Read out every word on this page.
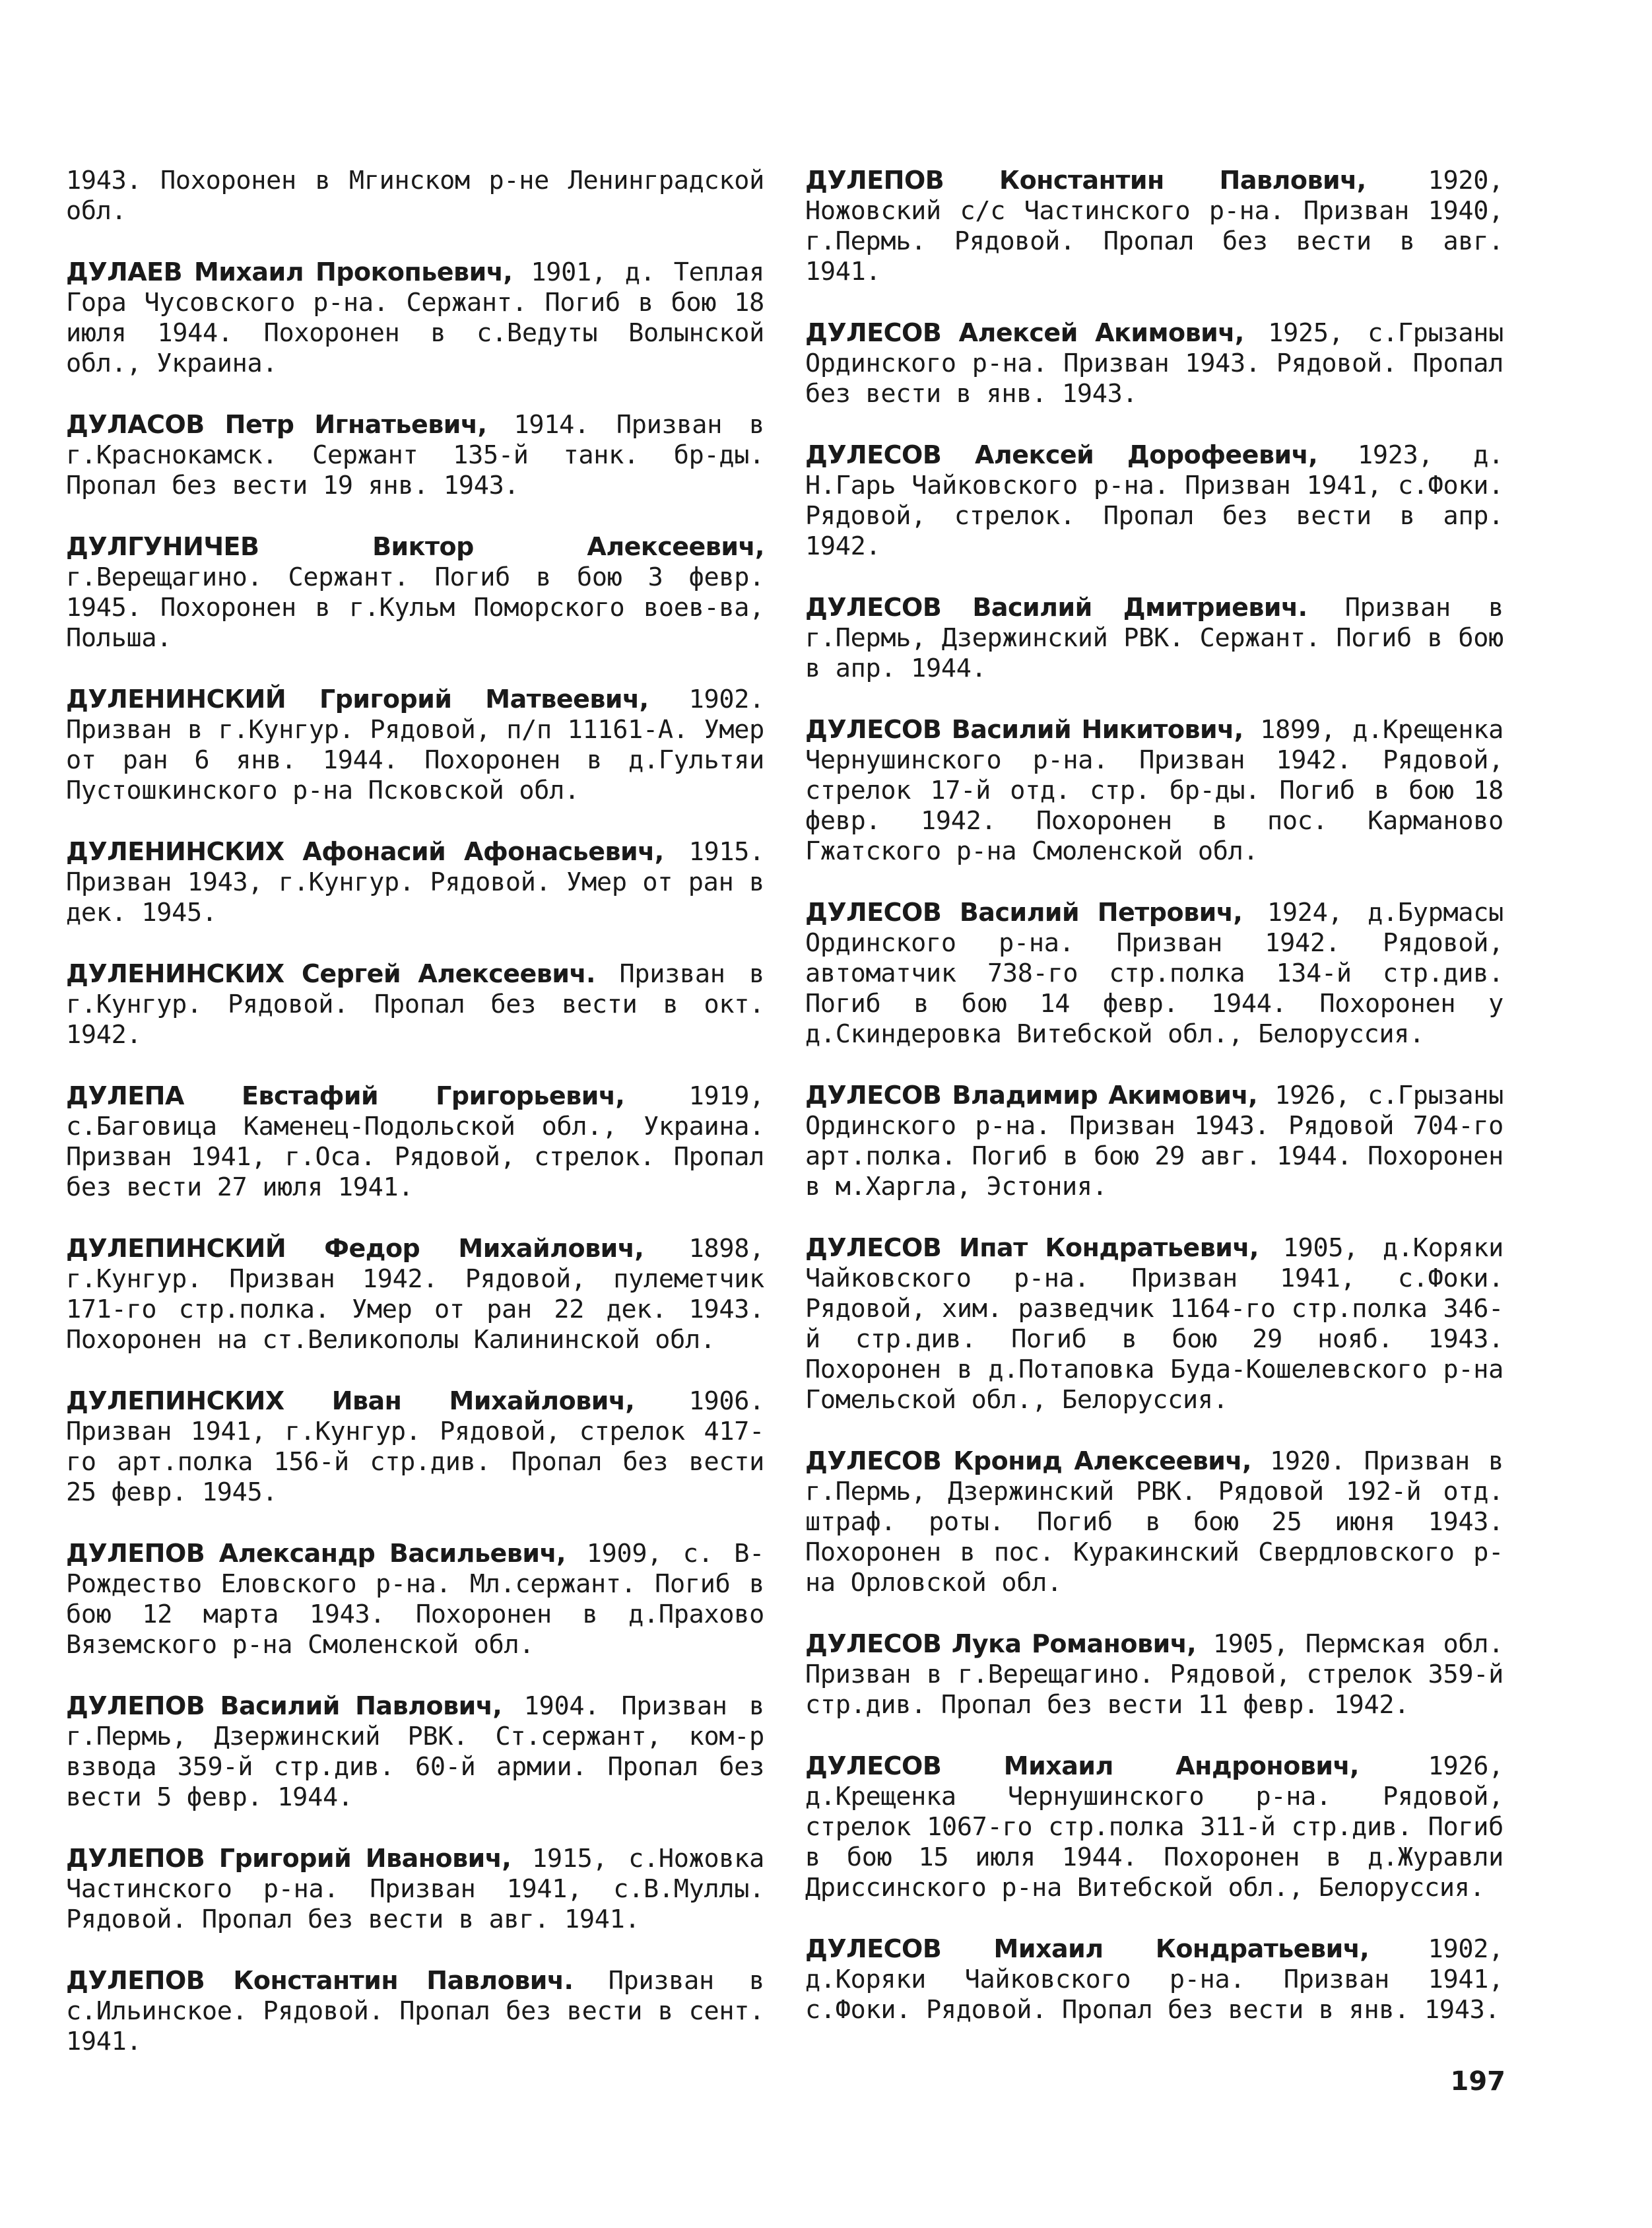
1943. Похоронен в Мгинском р-не Ленинградской обл.

ДУЛАЕВ Михаил Прокопьевич, 1901, д. Теплая Гора Чусовского р-на. Сержант. Погиб в бою 18 июля 1944. Похоронен в с.Ведуты Волынской обл., Украина.

ДУЛАСОВ Петр Игнатьевич, 1914. Призван в г.Краснокамск. Сержант 135-й танк. бр-ды. Пропал без вести 19 янв. 1943.

ДУЛГУНИЧЕВ Виктор Алексеевич, г.Верещагино. Сержант. Погиб в бою 3 февр. 1945. Похоронен в г.Кульм Поморского воев-ва, Польша.

ДУЛЕНИНСКИЙ Григорий Матвеевич, 1902. Призван в г.Кунгур. Рядовой, п/п 11161-А. Умер от ран 6 янв. 1944. Похоронен в д.Гультяи Пустошкинского р-на Псковской обл.

ДУЛЕНИНСКИХ Афонасий Афонасьевич, 1915. Призван 1943, г.Кунгур. Рядовой. Умер от ран в дек. 1945.

ДУЛЕНИНСКИХ Сергей Алексеевич. Призван в г.Кунгур. Рядовой. Пропал без вести в окт. 1942.

ДУЛЕПА Евстафий Григорьевич, 1919, с.Баговица Каменец-Подольской обл., Украина. Призван 1941, г.Оса. Рядовой, стрелок. Пропал без вести 27 июля 1941.

ДУЛЕПИНСКИЙ Федор Михайлович, 1898, г.Кунгур. Призван 1942. Рядовой, пулеметчик 171-го стр.полка. Умер от ран 22 дек. 1943. Похоронен на ст.Великополы Калининской обл.

ДУЛЕПИНСКИХ Иван Михайлович, 1906. Призван 1941, г.Кунгур. Рядовой, стрелок 417-го арт.полка 156-й стр.див. Пропал без вести 25 февр. 1945.

ДУЛЕПОВ Александр Васильевич, 1909, с. В-Рождество Еловского р-на. Мл.сержант. Погиб в бою 12 марта 1943. Похоронен в д.Прахово Вяземского р-на Смоленской обл.

ДУЛЕПОВ Василий Павлович, 1904. Призван в г.Пермь, Дзержинский РВК. Ст.сержант, ком-р взвода 359-й стр.див. 60-й армии. Пропал без вести 5 февр. 1944.

ДУЛЕПОВ Григорий Иванович, 1915, с.Ножовка Частинского р-на. Призван 1941, с.В.Муллы. Рядовой. Пропал без вести в авг. 1941.

ДУЛЕПОВ Константин Павлович. Призван в с.Ильинское. Рядовой. Пропал без вести в сент. 1941.

ДУЛЕПОВ Константин Павлович, 1920, Ножовский с/с Частинского р-на. Призван 1940, г.Пермь. Рядовой. Пропал без вести в авг. 1941.

ДУЛЕСОВ Алексей Акимович, 1925, с.Грызаны Ординского р-на. Призван 1943. Рядовой. Пропал без вести в янв. 1943.

ДУЛЕСОВ Алексей Дорофеевич, 1923, д. Н.Гарь Чайковского р-на. Призван 1941, с.Фоки. Рядовой, стрелок. Пропал без вести в апр. 1942.

ДУЛЕСОВ Василий Дмитриевич. Призван в г.Пермь, Дзержинский РВК. Сержант. Погиб в бою в апр. 1944.

ДУЛЕСОВ Василий Никитович, 1899, д.Крещенка Чернушинского р-на. Призван 1942. Рядовой, стрелок 17-й отд. стр. бр-ды. Погиб в бою 18 февр. 1942. Похоронен в пос. Карманово Гжатского р-на Смоленской обл.

ДУЛЕСОВ Василий Петрович, 1924, д.Бурмасы Ординского р-на. Призван 1942. Рядовой, автоматчик 738-го стр.полка 134-й стр.див. Погиб в бою 14 февр. 1944. Похоронен у д.Скиндеровка Витебской обл., Белоруссия.

ДУЛЕСОВ Владимир Акимович, 1926, с.Грызаны Ординского р-на. Призван 1943. Рядовой 704-го арт.полка. Погиб в бою 29 авг. 1944. Похоронен в м.Харгла, Эстония.

ДУЛЕСОВ Ипат Кондратьевич, 1905, д.Коряки Чайковского р-на. Призван 1941, с.Фоки. Рядовой, хим. разведчик 1164-го стр.полка 346-й стр.див. Погиб в бою 29 нояб. 1943. Похоронен в д.Потаповка Буда-Кошелевского р-на Гомельской обл., Белоруссия.

ДУЛЕСОВ Кронид Алексеевич, 1920. Призван в г.Пермь, Дзержинский РВК. Рядовой 192-й отд. штраф. роты. Погиб в бою 25 июня 1943. Похоронен в пос. Куракинский Свердловского р-на Орловской обл.

ДУЛЕСОВ Лука Романович, 1905, Пермская обл. Призван в г.Верещагино. Рядовой, стрелок 359-й стр.див. Пропал без вести 11 февр. 1942.

ДУЛЕСОВ Михаил Андронович, 1926, д.Крещенка Чернушинского р-на. Рядовой, стрелок 1067-го стр.полка 311-й стр.див. Погиб в бою 15 июля 1944. Похоронен в д.Журавли Дриссинского р-на Витебской обл., Белоруссия.

ДУЛЕСОВ Михаил Кондратьевич, 1902, д.Коряки Чайковского р-на. Призван 1941, с.Фоки. Рядовой. Пропал без вести в янв. 1943.

197
